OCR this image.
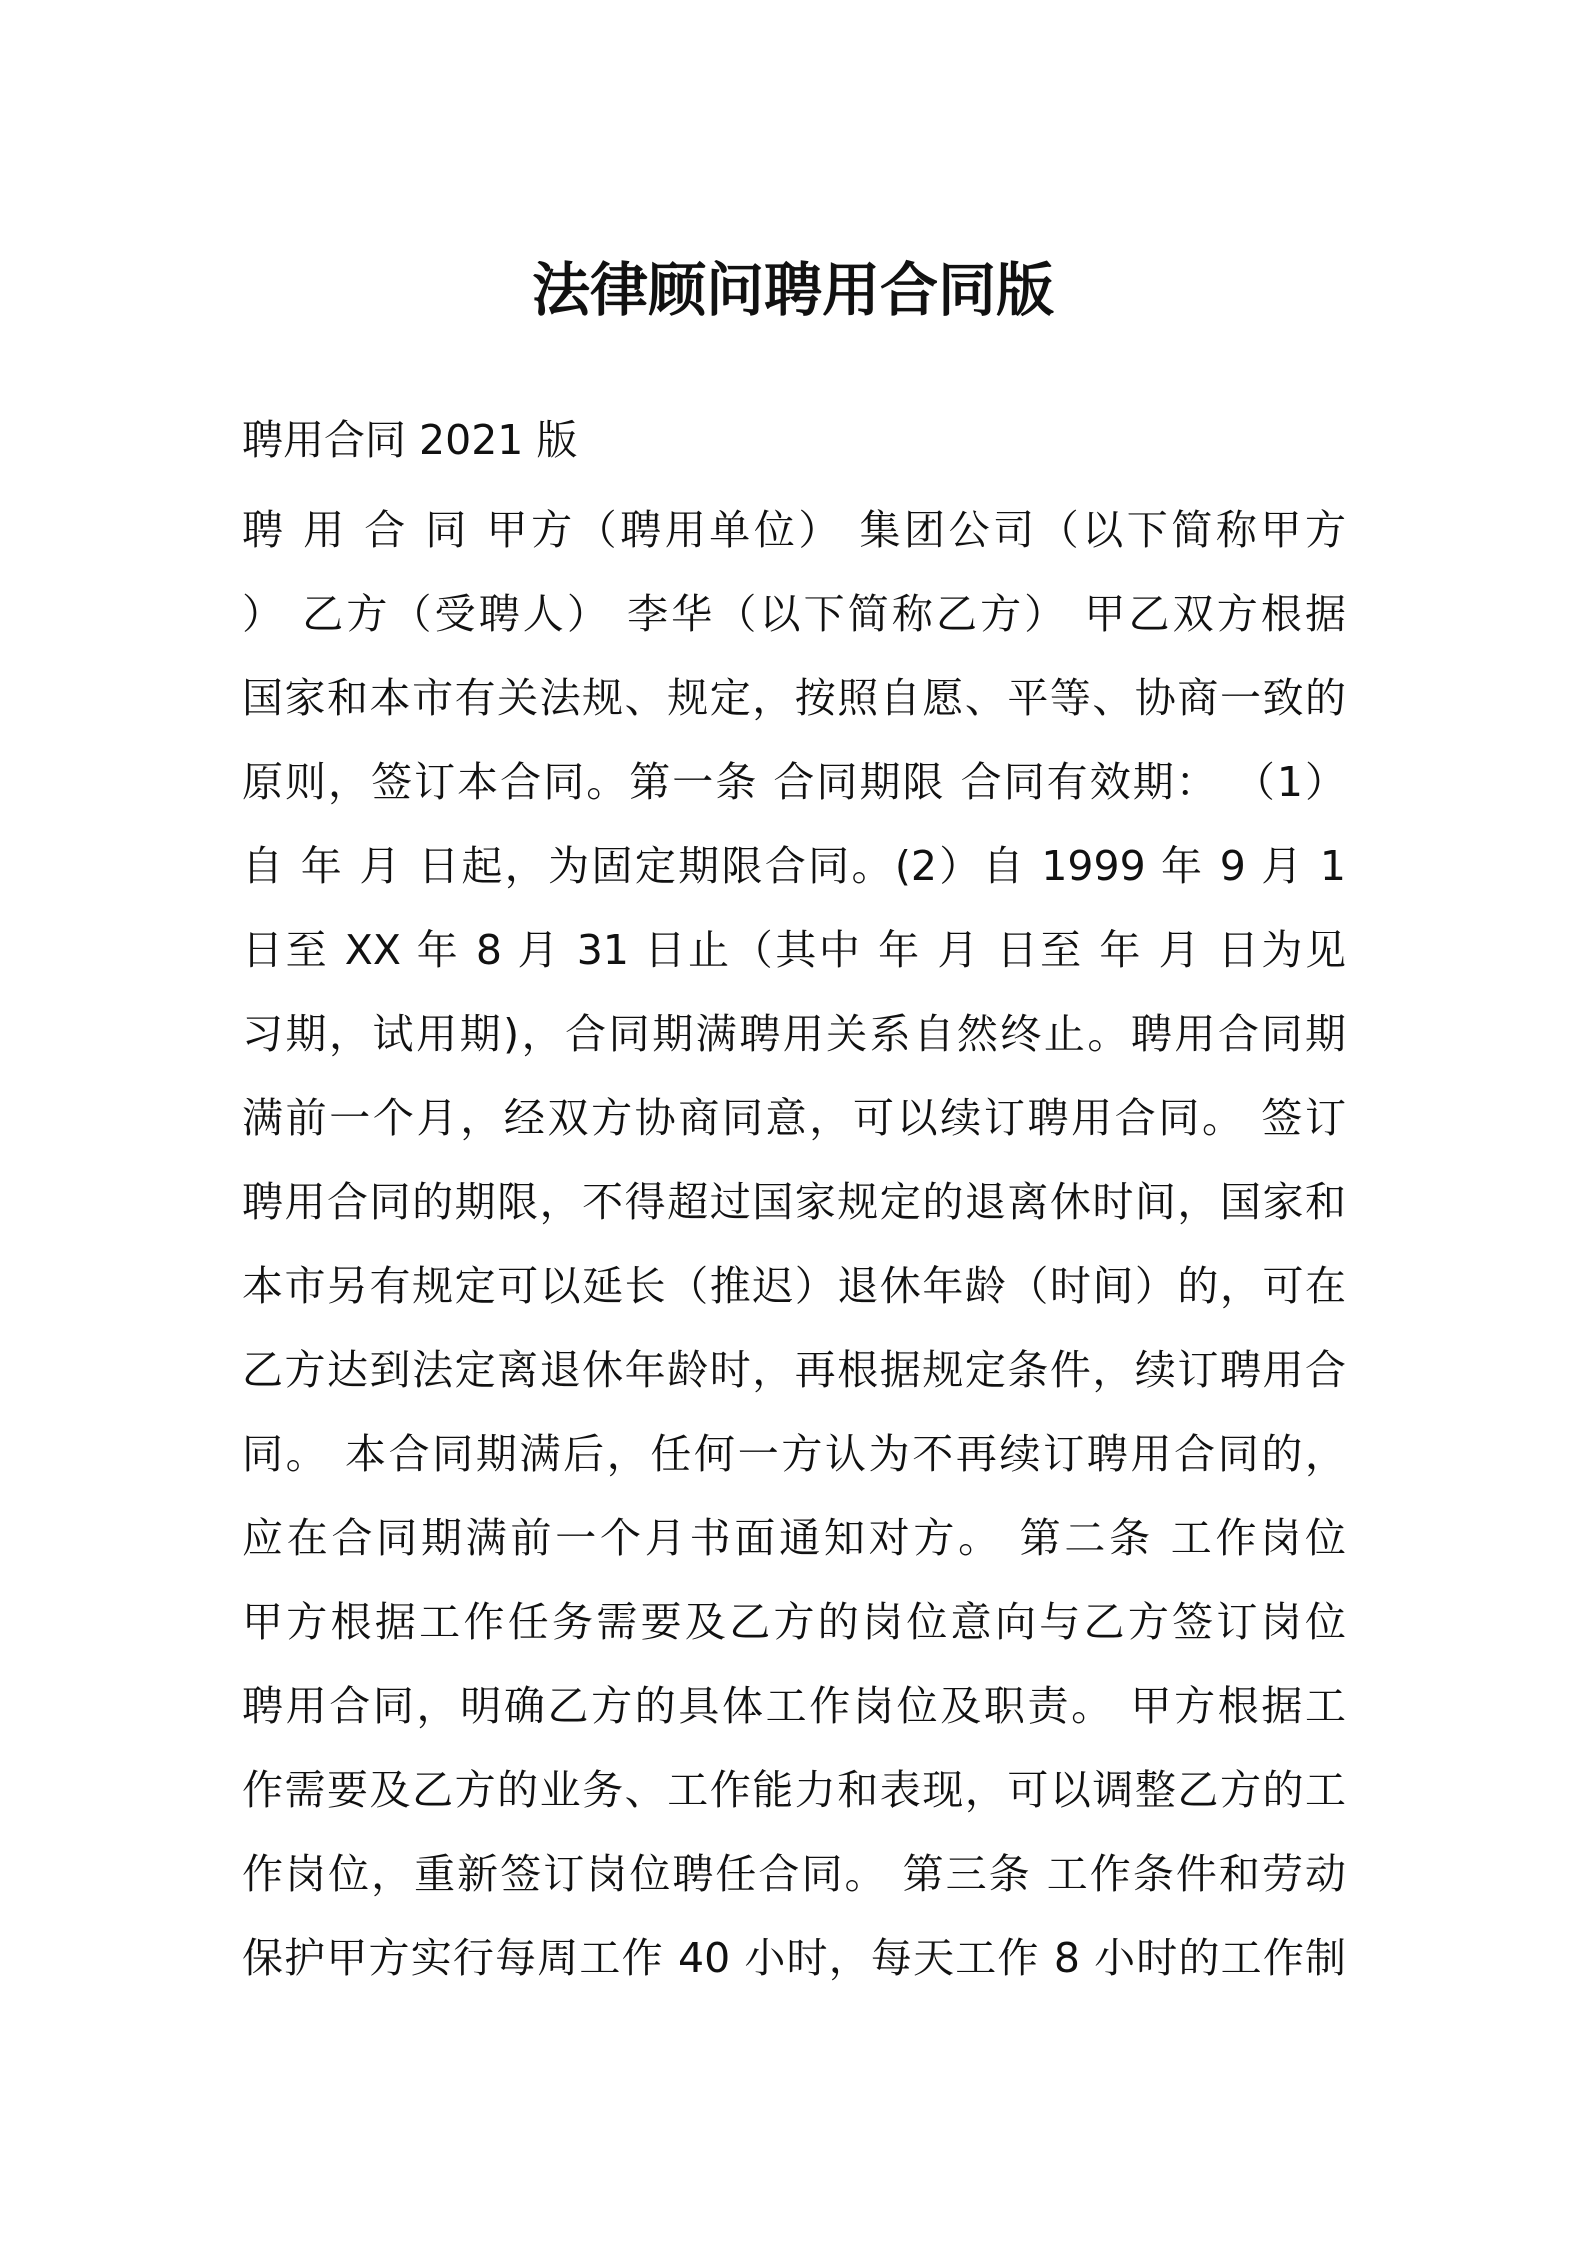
法律顾问聘用合同版
聘用合同 2021 版
聘 用 合 同 甲方（聘用单位） 集团公司（以下简称甲方
） 乙方（受聘人） 李华（以下简称乙方） 甲乙双方根据
国家和本市有关法规、规定，按照自愿、平等、协商一致的
原则，签订本合同。第一条 合同期限 合同有效期： （1）
自 年 月 日起，为固定期限合同。(2）自 1999 年 9 月 1
日至 XX 年 8 月 31 日止（其中 年 月 日至 年 月 日为见
习期，试用期)，合同期满聘用关系自然终止。聘用合同期
满前一个月，经双方协商同意，可以续订聘用合同。 签订
聘用合同的期限，不得超过国家规定的退离休时间，国家和
本市另有规定可以延长（推迟）退休年龄（时间）的，可在
乙方达到法定离退休年龄时，再根据规定条件，续订聘用合
同。 本合同期满后，任何一方认为不再续订聘用合同的，
应在合同期满前一个月书面通知对方。 第二条 工作岗位
甲方根据工作任务需要及乙方的岗位意向与乙方签订岗位
聘用合同，明确乙方的具体工作岗位及职责。 甲方根据工
作需要及乙方的业务、工作能力和表现，可以调整乙方的工
作岗位，重新签订岗位聘任合同。 第三条 工作条件和劳动
保护甲方实行每周工作 40 小时，每天工作 8 小时的工作制
